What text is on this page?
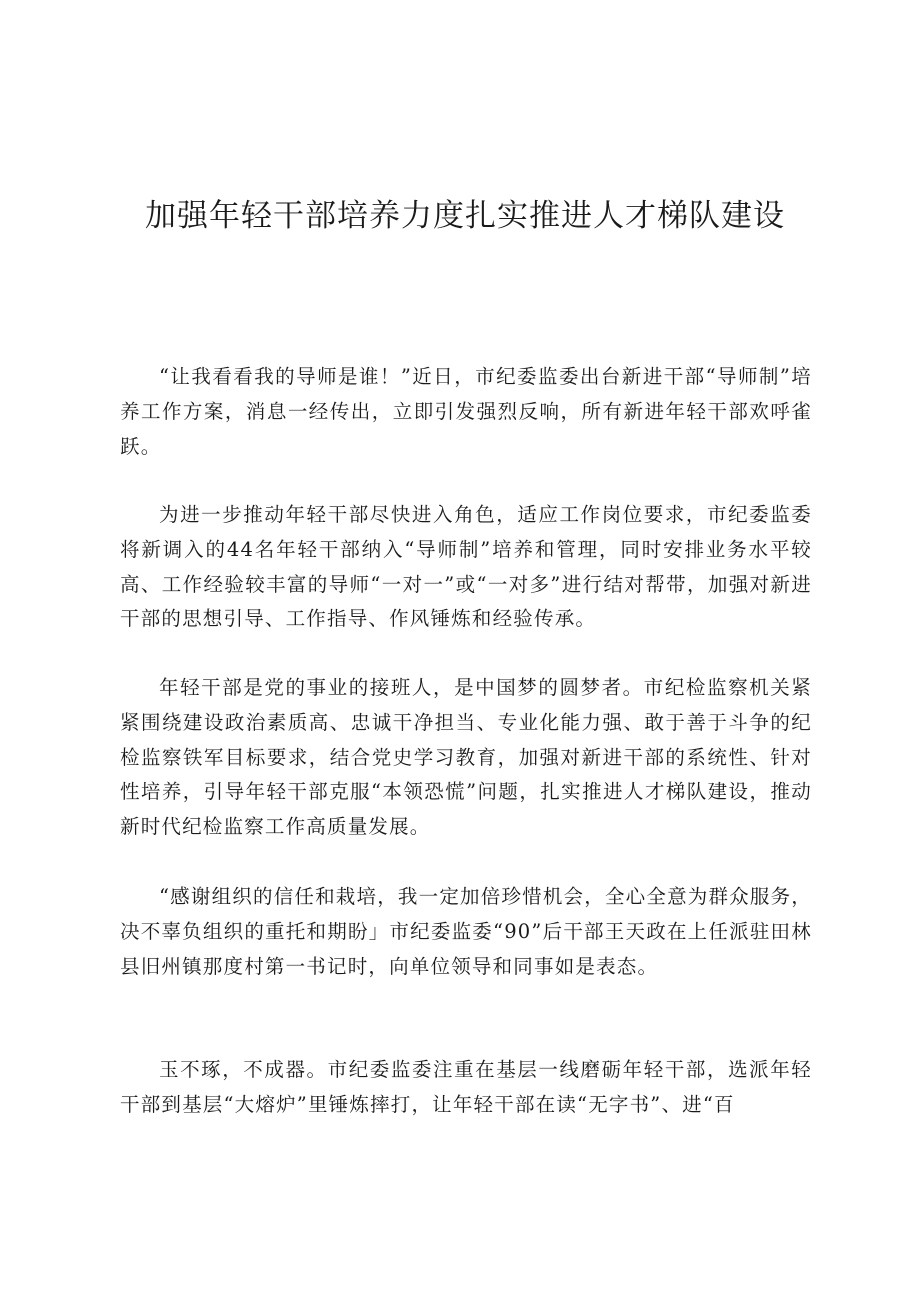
加强年轻干部培养力度扎实推进人才梯队建设

“让我看看我的导师是谁！”近日，市纪委监委出台新进干部“导师制”培养工作方案，消息一经传出，立即引发强烈反响，所有新进年轻干部欢呼雀跃。

为进一步推动年轻干部尽快进入角色，适应工作岗位要求，市纪委监委将新调入的44名年轻干部纳入“导师制”培养和管理，同时安排业务水平较高、工作经验较丰富的导师“一对一”或“一对多”进行结对帮带，加强对新进干部的思想引导、工作指导、作风锤炼和经验传承。

年轻干部是党的事业的接班人，是中国梦的圆梦者。市纪检监察机关紧紧围绕建设政治素质高、忠诚干净担当、专业化能力强、敢于善于斗争的纪检监察铁军目标要求，结合党史学习教育，加强对新进干部的系统性、针对性培养，引导年轻干部克服“本领恐慌”问题，扎实推进人才梯队建设，推动新时代纪检监察工作高质量发展。

“感谢组织的信任和栽培，我一定加倍珍惜机会，全心全意为群众服务，决不辜负组织的重托和期盼」市纪委监委“90”后干部王天政在上任派驻田林县旧州镇那度村第一书记时，向单位领导和同事如是表态。

玉不琢，不成器。市纪委监委注重在基层一线磨砺年轻干部，选派年轻干部到基层“大熔炉”里锤炼摔打，让年轻干部在读“无字书”、进“百
